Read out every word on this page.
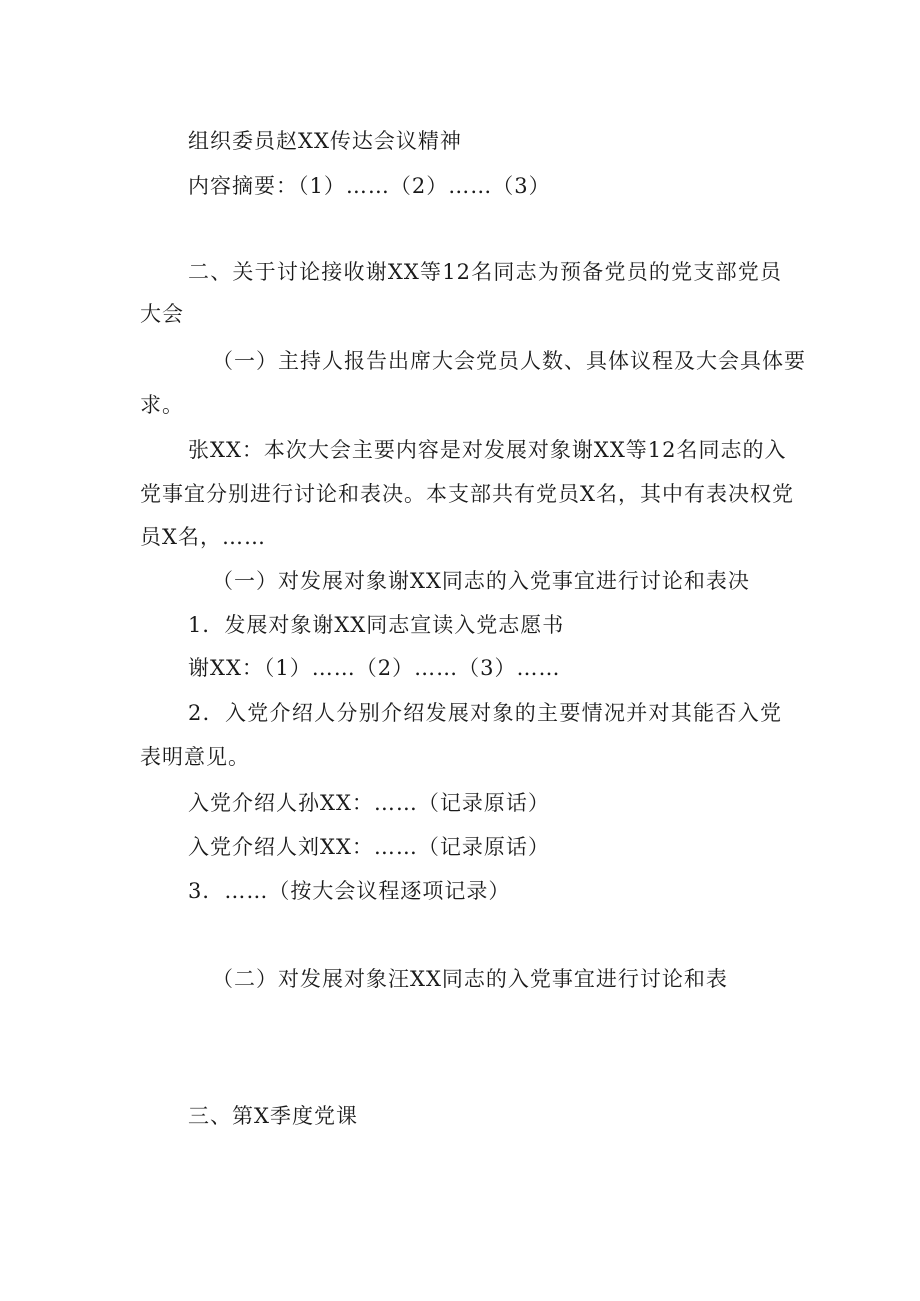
组织委员赵XX传达会议精神
内容摘要：（1）……（2）……（3）
二、关于讨论接收谢XX等12名同志为预备党员的党支部党员
大会
（一）主持人报告出席大会党员人数、具体议程及大会具体要
求。
张XX：本次大会主要内容是对发展对象谢XX等12名同志的入
党事宜分别进行讨论和表决。本支部共有党员X名，其中有表决权党
员X名，……
（一）对发展对象谢XX同志的入党事宜进行讨论和表决
1．发展对象谢XX同志宣读入党志愿书
谢XX：（1）……（2）……（3）……
2．入党介绍人分别介绍发展对象的主要情况并对其能否入党
表明意见。
入党介绍人孙XX：……（记录原话）
入党介绍人刘XX：……（记录原话）
3．……（按大会议程逐项记录）
（二）对发展对象汪XX同志的入党事宜进行讨论和表
三、第X季度党课
